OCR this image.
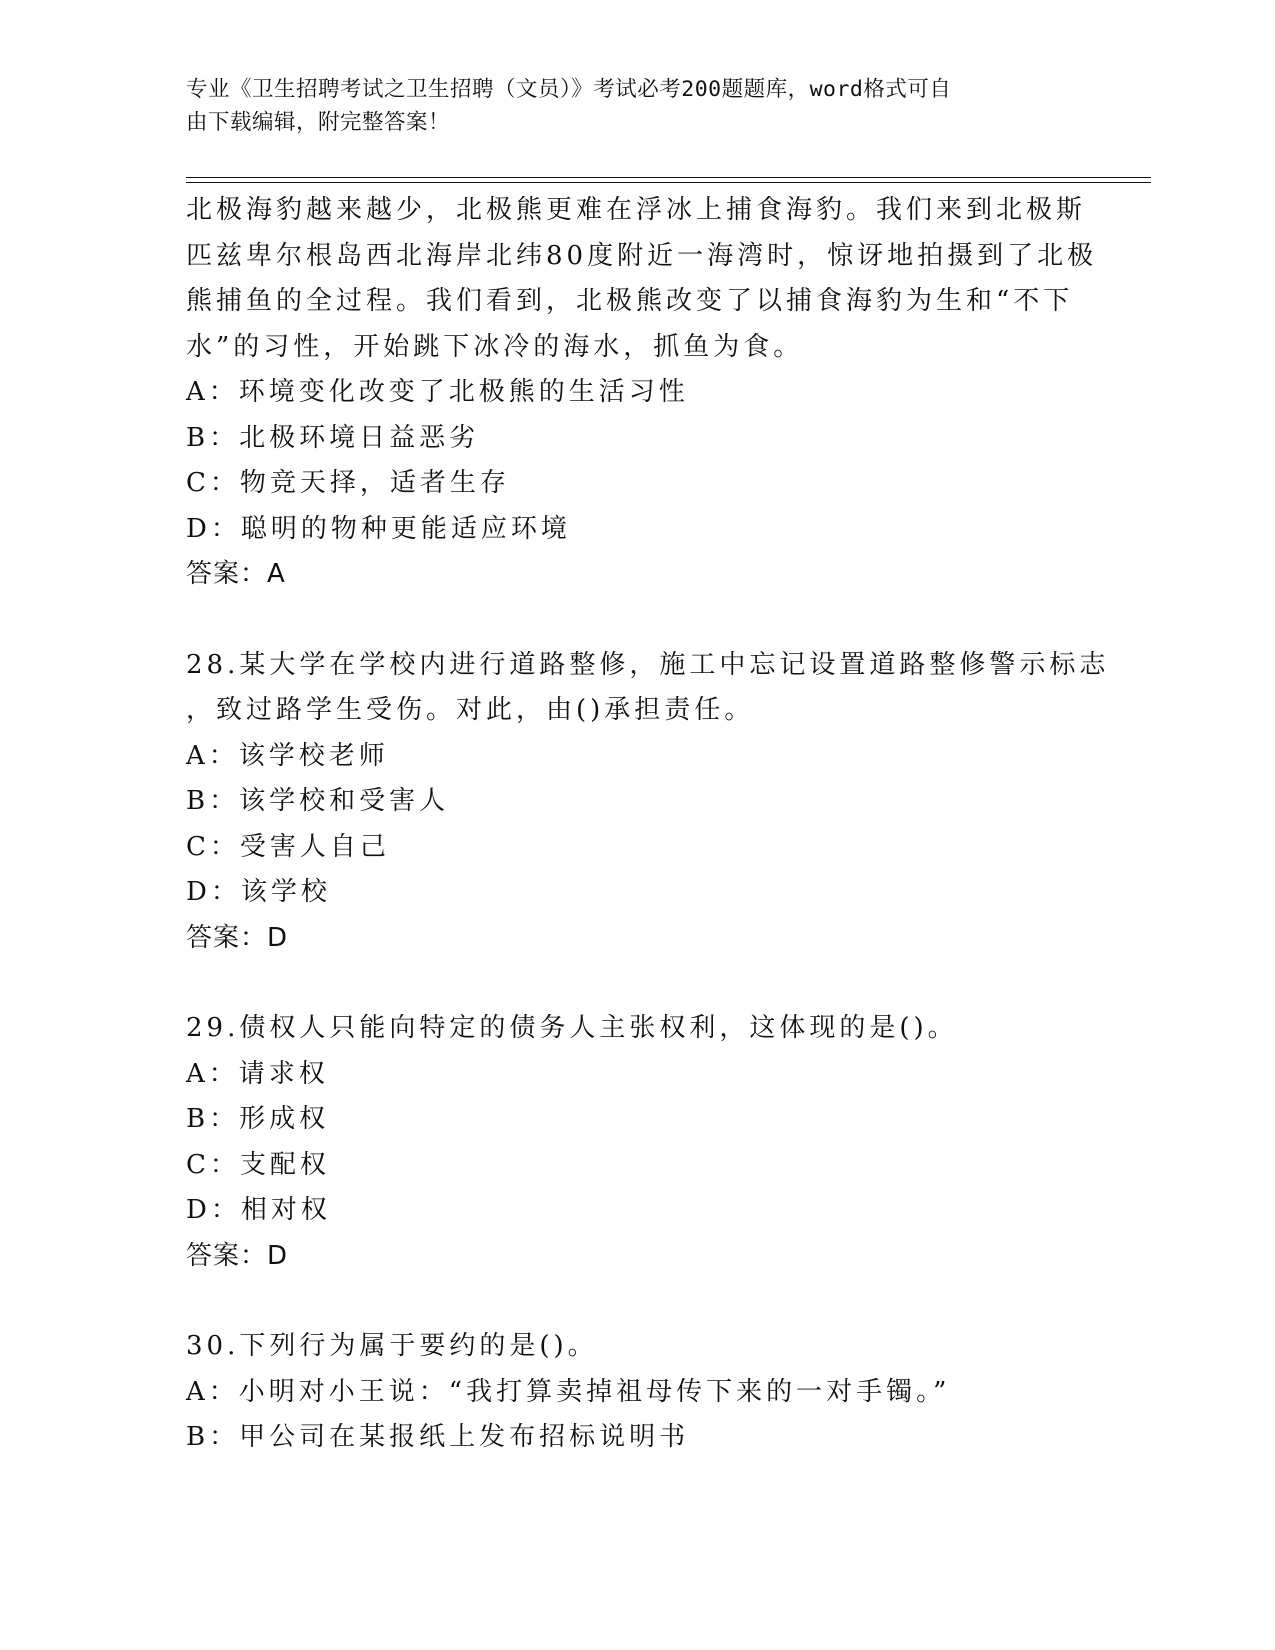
专业《卫生招聘考试之卫生招聘（文员）》考试必考200题题库，word格式可自
由下载编辑，附完整答案！
北极海豹越来越少，北极熊更难在浮冰上捕食海豹。我们来到北极斯
匹兹卑尔根岛西北海岸北纬80度附近一海湾时，惊讶地拍摄到了北极
熊捕鱼的全过程。我们看到，北极熊改变了以捕食海豹为生和“不下
水”的习性，开始跳下冰冷的海水，抓鱼为食。
A：环境变化改变了北极熊的生活习性
B：北极环境日益恶劣
C：物竞天择，适者生存
D：聪明的物种更能适应环境
答案：A
28.某大学在学校内进行道路整修，施工中忘记设置道路整修警示标志
，致过路学生受伤。对此，由()承担责任。
A：该学校老师
B：该学校和受害人
C：受害人自己
D：该学校
答案：D
29.债权人只能向特定的债务人主张权利，这体现的是()。
A：请求权
B：形成权
C：支配权
D：相对权
答案：D
30.下列行为属于要约的是()。
A：小明对小王说：“我打算卖掉祖母传下来的一对手镯。”
B：甲公司在某报纸上发布招标说明书
